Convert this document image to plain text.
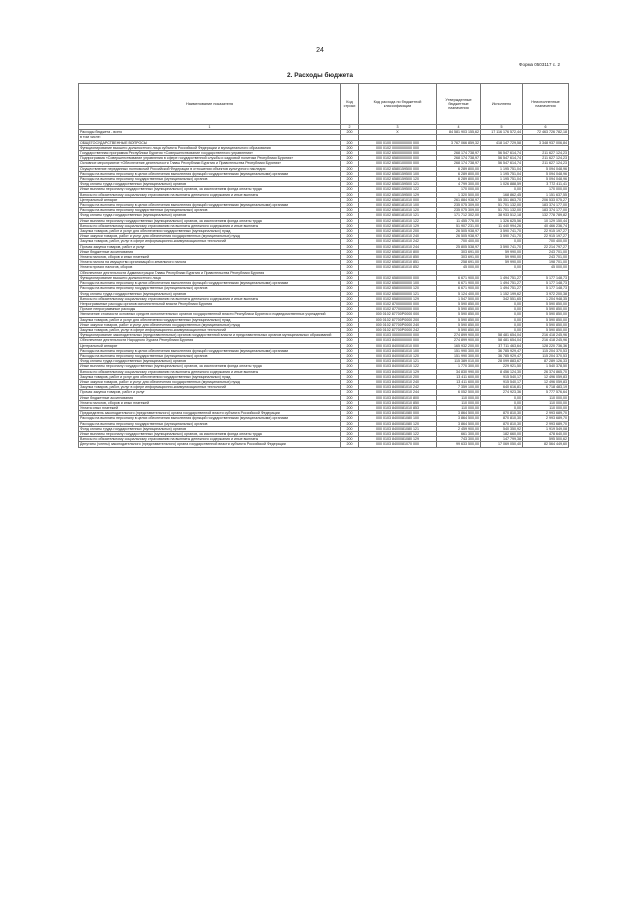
24
Форма 0503117 с. 2
2. Расходы бюджета
Наименование показателя	Код строки	Код расхода по бюджетной классификации	Утвержденные бюджетные назначения	Исполнено	Неисполненные назначения
1	2	3	4	5	6
Расходы бюджета - всего	200	X	84 581 903 155,62	17 116 176 572,44	72 463 726 782,18
в том числе:					
ОБЩЕГОСУДАРСТВЕННЫЕ ВОПРОСЫ	200	000 0100 0000000000 000	3 767 066 859,32	418 147 729,58	3 348 937 006,84
Функционирование высшего должностного лица субъекта Российской Федерации и муниципального образования	200	000 0102 0000000000 000			
Государственная программа Республики Бурятия «Совершенствование государственного управления»	200	000 0102 6500000000 000	268 174 738,97	56 547 614,74	211 627 124,23
Подпрограмма «Совершенствование управления в сфере государственной службы и кадровой политики Республики Бурятия»	200	000 0102 6580000000 000	268 174 738,97	56 547 614,74	211 627 124,23
Основное мероприятие «Обеспечение деятельности Главы Республики Бурятия и Правительства Республики Бурятия»	200	000 0102 6580100000 000	268 174 738,97	56 547 614,74	211 627 124,23
Осуществление переданных полномочий Российской Федерации в отношении объектов культурного наследия	200	000 0102 6580159500 000	6 289 800,00	1 195 751,04	5 094 048,96
Расходы на выплаты персоналу в целях обеспечения выполнения функций государственными (муниципальными) органами	200	000 0102 6580159500 100	6 289 800,00	1 195 751,04	5 094 048,96
Расходы на выплаты персоналу государственных (муниципальных) органов	200	000 0102 6580159500 120	6 289 800,00	1 195 751,04	5 094 048,96
Фонд оплаты труда государственных (муниципальных) органов	200	000 0102 6580159500 121	4 799 300,00	1 026 888,59	3 772 411,41
Иные выплаты персоналу государственных (муниципальных) органов, за исключением фонда оплаты труда	200	000 0102 6580159500 122	170 000,00	0,00	170 000,00
Взносы по обязательному социальному страхованию на выплаты денежного содержания и иные выплаты	200	000 0102 6580159500 129	1 320 500,00	168 862,45	1 151 637,55
Центральный аппарат	200	000 0102 6580181010 000	261 884 938,97	55 351 863,70	206 533 075,27
Расходы на выплаты персоналу в целях обеспечения выполнения функций государственными (муниципальными) органами	200	000 0102 6580181010 100	235 075 309,00	51 701 132,00	183 374 177,00
Расходы на выплаты персоналу государственных (муниципальных) органов	200	000 0102 6580181010 120	235 075 309,00	51 701 132,00	183 374 177,00
Фонд оплаты труда государственных (муниципальных) органов	200	000 0102 6580181010 121	171 712 302,00	38 933 512,18	132 778 789,82
Иные выплаты персоналу государственных (муниципальных) органов, за исключением фонда оплаты труда	200	000 0102 6580181010 122	11 455 776,00	1 326 625,56	10 129 150,44
Взносы по обязательному социальному страхованию на выплаты денежного содержания и иные выплаты	200	000 0102 6580181010 129	51 907 231,00	11 440 994,26	40 466 236,74
Закупка товаров, работ и услуг для обеспечения государственных (муниципальных) нужд	200	000 0102 6580181010 200	26 505 938,97	3 590 741,70	22 915 197,27
Иные закупки товаров, работ и услуг для обеспечения государственных (муниципальных) нужд	200	000 0102 6580181010 240	26 505 938,97	3 590 741,70	22 915 197,27
Закупка товаров, работ, услуг в сфере информационно-коммуникационных технологий	200	000 0102 6580181010 242	700 400,00	0,00	700 400,00
Прочая закупка товаров, работ и услуг	200	000 0102 6580181010 244	25 805 538,97	3 590 741,70	22 214 797,27
Иные бюджетные ассигнования	200	000 0102 6580181010 800	303 691,00	59 990,00	243 701,00
Уплата налогов, сборов и иных платежей	200	000 0102 6580181010 850	303 691,00	59 990,00	243 701,00
Уплата налога на имущество организаций и земельного налога	200	000 0102 6580181010 851	258 691,00	59 990,00	198 701,00
Уплата прочих налогов, сборов	200	000 0102 6580181010 852	45 000,00	0,00	45 000,00
Обеспечение деятельности Администрации Главы Республики Бурятия и Правительства Республики Бурятия	200				
Функционирование высшего должностного лица	200	000 0102 6580000000 000	6 671 900,00	1 494 751,27	5 177 148,73
Расходы на выплаты персоналу в целях обеспечения выполнения функций государственными (муниципальными) органами	200	000 0102 6580000000 100	6 671 900,00	1 494 751,27	5 177 148,73
Расходы на выплаты персоналу государственных (муниципальных) органов	200	000 0102 6580000000 120	6 671 900,00	1 494 751,27	5 177 148,73
Фонд оплаты труда государственных (муниципальных) органов	200	000 0102 6580000000 121	5 124 400,00	1 152 199,62	3 972 200,38
Взносы по обязательному социальному страхованию на выплаты денежного содержания и иные выплаты	200	000 0102 6580000000 129	1 547 500,00	342 551,65	1 204 948,35
Непрограммные расходы органов исполнительной власти Республики Бурятия	200	000 0102 8700000000 000	5 590 850,00	0,00	5 590 850,00
Прочие непрограммные расходы	200	000 0102 8770000000 000	5 590 850,00	0,00	5 590 850,00
Увеличение стоимости основных средств исполнительных органов государственной власти Республики Бурятия и подведомственных учреждений	200	000 0102 87700P0000 000	5 590 850,00	0,00	5 590 850,00
Закупка товаров, работ и услуг для обеспечения государственных (муниципальных) нужд	200	000 0102 87700P0000 200	5 590 850,00	0,00	5 590 850,00
Иные закупки товаров, работ и услуг для обеспечения государственных (муниципальных) нужд	200	000 0102 87700P0000 240	5 590 850,00	0,00	5 590 850,00
Закупка товаров, работ, услуг в сфере информационно-коммуникационных технологий	200	000 0102 87700P0000 242	5 590 850,00	0,00	5 590 850,00
Функционирование законодательных (представительных) органов государственной власти и представительных органов муниципальных образований	200	000 0103 0000000000 000	274 899 900,00	58 481 654,04	216 418 245,96
Обеспечение деятельности Народного Хурала Республики Бурятия	200	000 0103 8400000000 000	274 899 900,00	58 481 654,04	216 418 245,96
Центральный аппарат	200	000 0103 8400081010 000	165 932 200,00	37 711 463,64	128 220 736,36
Расходы на выплаты персоналу в целях обеспечения выполнения функций государственными (муниципальными) органами	200	000 0103 8400081010 100	151 990 300,00	36 785 929,47	115 204 370,53
Расходы на выплаты персоналу государственных (муниципальных) органов	200	000 0103 8400081010 120	151 990 300,00	36 785 929,47	115 204 370,53
Фонд оплаты труда государственных (муниципальных) органов	200	000 0103 8400081010 121	115 389 010,00	28 099 883,67	87 289 126,33
Иные выплаты персоналу государственных (муниципальных) органов, за исключением фонда оплаты труда	200	000 0103 8400081010 122	1 770 300,00	229 921,50	1 540 378,50
Взносы по обязательному социальному страхованию на выплаты денежного содержания и иные выплаты	200	000 0103 8400081010 129	34 830 990,00	8 456 124,30	26 374 865,70
Закупка товаров, работ и услуг для обеспечения государственных (муниципальных) нужд	200	000 0103 8400081010 200	13 411 600,00	915 540,17	12 496 059,83
Иные закупки товаров, работ и услуг для обеспечения государственных (муниципальных) нужд	200	000 0103 8400081010 240	13 411 600,00	915 540,17	12 496 059,83
Закупка товаров, работ, услуг в сфере информационно-коммуникационных технологий	200	000 0103 8400081010 242	7 359 100,00	640 616,81	6 718 483,19
Прочая закупка товаров, работ и услуг	200	000 0103 8400081010 244	6 052 500,00	274 923,36	5 777 576,64
Иные бюджетные ассигнования	200	000 0103 8400081010 800	110 000,00	0,00	110 000,00
Уплата налогов, сборов и иных платежей	200	000 0103 8400081010 850	110 000,00	0,00	110 000,00
Уплата иных платежей	200	000 0103 8400081010 853	110 000,00	0,00	110 000,00
Председатель законодательного (представительного) органа государственной власти субъекта Российской Федерации	200	000 0103 8400081080 000	3 864 500,00	870 810,30	2 993 689,70
Расходы на выплаты персоналу в целях обеспечения выполнения функций государственными (муниципальными) органами	200	000 0103 8400081080 100	3 864 500,00	870 810,30	2 993 689,70
Расходы на выплаты персоналу государственных (муниципальных) органов	200	000 0103 8400081080 120	3 864 500,00	870 810,30	2 993 689,70
Фонд оплаты труда государственных (муниципальных) органов	200	000 0103 8400081080 121	2 459 900,00	540 350,92	1 919 549,08
Иные выплаты персоналу государственных (муниципальных) органов, за исключением фонда оплаты труда	200	000 0103 8400081080 122	661 300,00	182 660,00	478 640,00
Взносы по обязательному социальному страхованию на выплаты денежного содержания и иные выплаты	200	000 0103 8400081080 129	743 300,00	147 799,38	595 500,62
Депутаты (члены) законодательного (представительного) органа государственной власти субъекта Российской Федерации	200	000 0103 8400081070 000	99 633 500,00	17 069 050,40	82 564 449,60
